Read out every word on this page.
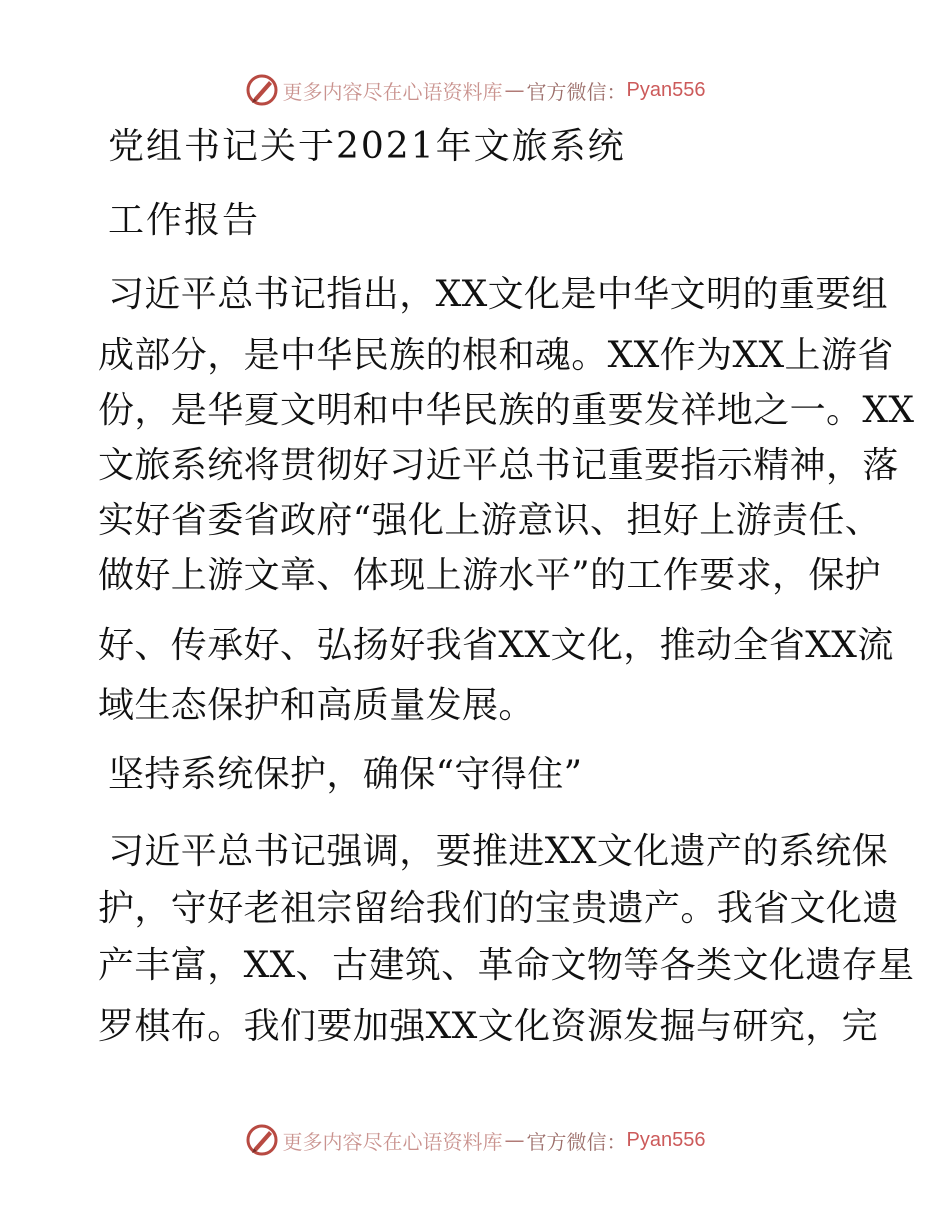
更多内容尽在心语资料库 — 官方微信： Pyan556
党组书记关于2021年文旅系统
工作报告
习近平总书记指出，XX文化是中华文明的重要组
成部分，是中华民族的根和魂。XX作为XX上游省
份，是华夏文明和中华民族的重要发祥地之一。XX
文旅系统将贯彻好习近平总书记重要指示精神，落
实好省委省政府“强化上游意识、担好上游责任、
做好上游文章、体现上游水平”的工作要求，保护
好、传承好、弘扬好我省XX文化，推动全省XX流
域生态保护和高质量发展。
坚持系统保护，确保“守得住”
习近平总书记强调，要推进XX文化遗产的系统保
护，守好老祖宗留给我们的宝贵遗产。我省文化遗
产丰富，XX、古建筑、革命文物等各类文化遗存星
罗棋布。我们要加强XX文化资源发掘与研究，完
更多内容尽在心语资料库 — 官方微信： Pyan556
